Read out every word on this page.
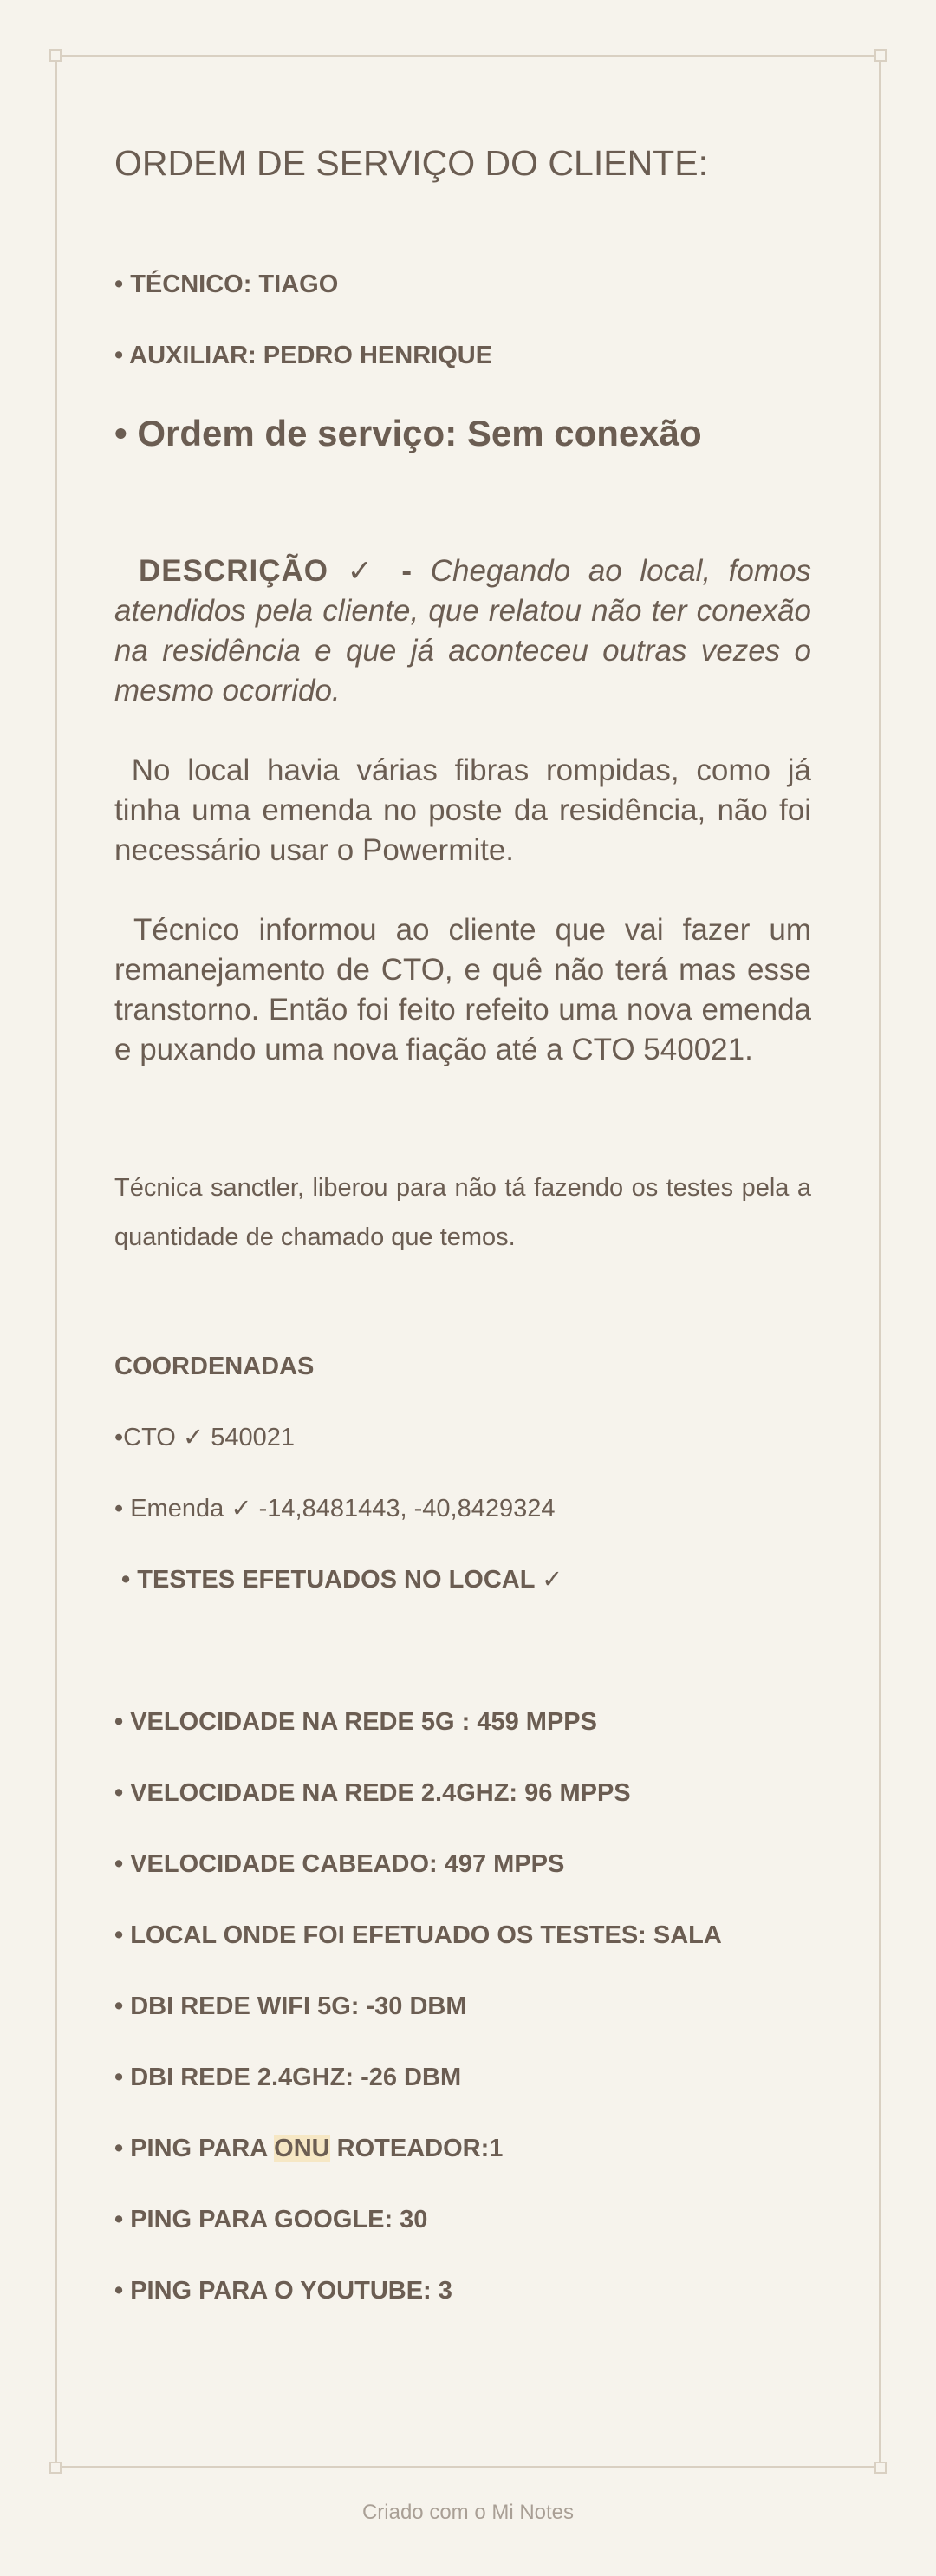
ORDEM DE SERVIÇO DO CLIENTE:
• TÉCNICO: TIAGO
• AUXILIAR: PEDRO HENRIQUE
• Ordem de serviço: Sem conexão
DESCRIÇÃO ✓ - Chegando ao local, fomos atendidos pela cliente, que relatou não ter conexão na residência e que já aconteceu outras vezes o mesmo ocorrido.
No local havia várias fibras rompidas, como já tinha uma emenda no poste da residência, não foi necessário usar o Powermite.
Técnico informou ao cliente que vai fazer um remanejamento de CTO, e quê não terá mas esse transtorno. Então foi feito refeito uma nova emenda e puxando uma nova fiação até a CTO 540021.
Técnica sanctler, liberou para não tá fazendo os testes pela a quantidade de chamado que temos.
COORDENADAS
•CTO ✓ 540021
• Emenda ✓ -14,8481443, -40,8429324
• TESTES EFETUADOS NO LOCAL ✓
• VELOCIDADE NA REDE 5G : 459 MPPS
• VELOCIDADE NA REDE 2.4GHZ: 96 MPPS
• VELOCIDADE CABEADO: 497 MPPS
• LOCAL ONDE FOI EFETUADO OS TESTES: SALA
• DBI REDE WIFI 5G: -30 DBM
• DBI REDE 2.4GHZ: -26 DBM
• PING PARA ONU ROTEADOR:1
• PING PARA GOOGLE: 30
• PING PARA O YOUTUBE: 3
Criado com o Mi Notes
